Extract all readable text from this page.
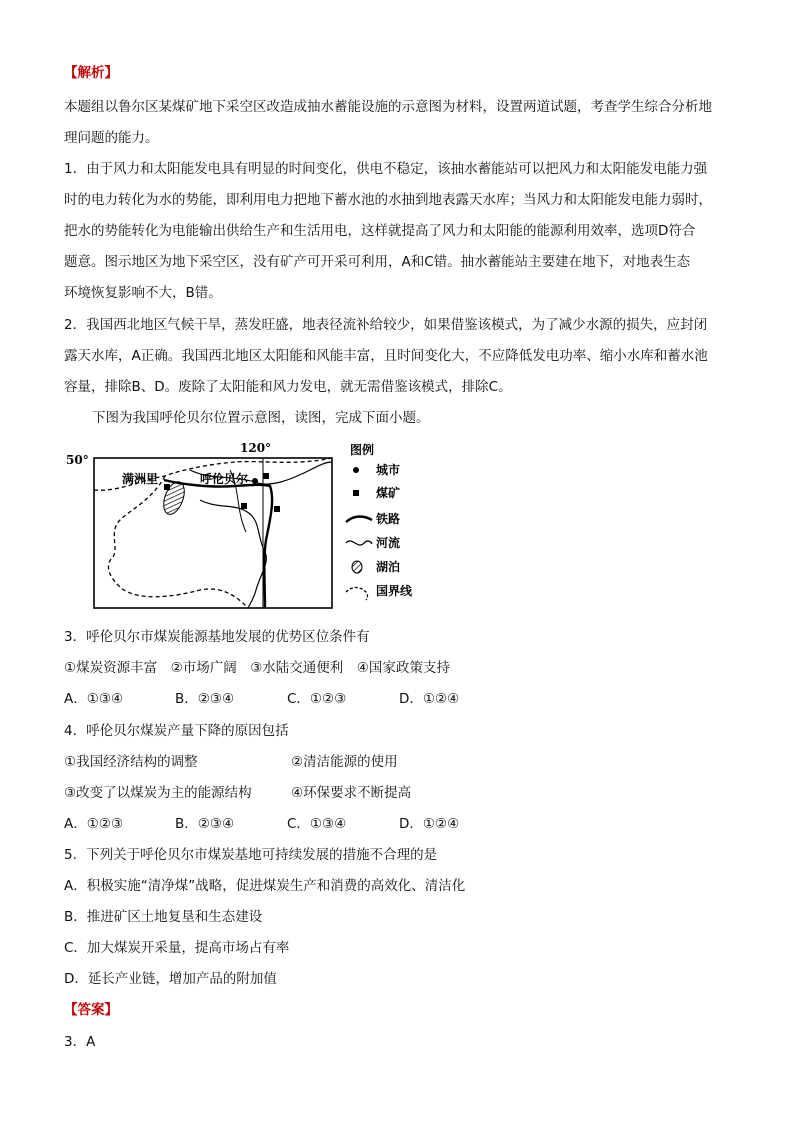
【解析】
本题组以鲁尔区某煤矿地下采空区改造成抽水蓄能设施的示意图为材料，设置两道试题，考查学生综合分析地
理问题的能力。
1．由于风力和太阳能发电具有明显的时间变化，供电不稳定，该抽水蓄能站可以把风力和太阳能发电能力强
时的电力转化为水的势能，即利用电力把地下蓄水池的水抽到地表露天水库；当风力和太阳能发电能力弱时，
把水的势能转化为电能输出供给生产和生活用电，这样就提高了风力和太阳能的能源利用效率，选项D符合
题意。图示地区为地下采空区，没有矿产可开采可利用，A和C错。抽水蓄能站主要建在地下，对地表生态
环境恢复影响不大，B错。
2．我国西北地区气候干旱，蒸发旺盛，地表径流补给较少，如果借鉴该模式，为了减少水源的损失，应封闭
露天水库，A正确。我国西北地区太阳能和风能丰富，且时间变化大，不应降低发电功率、缩小水库和蓄水池
容量，排除B、D。废除了太阳能和风力发电，就无需借鉴该模式，排除C。
下图为我国呼伦贝尔位置示意图，读图，完成下面小题。
50°
120°
满洲里	呼伦贝尔
图例
城市
煤矿
铁路
河流
湖泊
国界线
3．呼伦贝尔市煤炭能源基地发展的优势区位条件有
①煤炭资源丰富　②市场广阔　③水陆交通便利　④国家政策支持
A．①③④	B．②③④	C．①②③	D．①②④
4．呼伦贝尔煤炭产量下降的原因包括
①我国经济结构的调整	②清洁能源的使用
③改变了以煤炭为主的能源结构	④环保要求不断提高
A．①②③	B．②③④	C．①③④	D．①②④
5．下列关于呼伦贝尔市煤炭基地可持续发展的措施不合理的是
A．积极实施“清净煤”战略，促进煤炭生产和消费的高效化、清洁化
B．推进矿区土地复垦和生态建设
C．加大煤炭开采量，提高市场占有率
D．延长产业链，增加产品的附加值
【答案】
3．A
